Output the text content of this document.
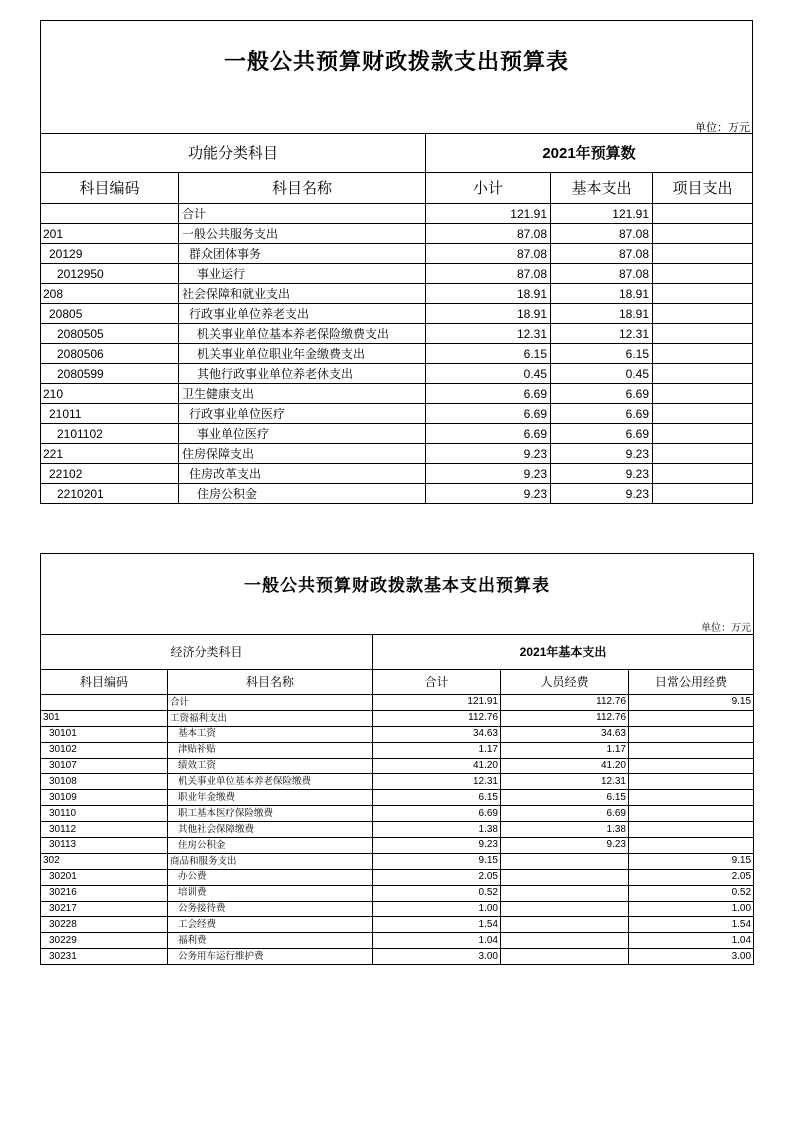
一般公共预算财政拨款支出预算表				

单位：万元				
功能分类科目		2021年预算数		
科目编码	科目名称	小计	基本支出	项目支出
	合计	121.91	121.91	
201	一般公共服务支出	87.08	87.08	
20129	群众团体事务	87.08	87.08	
2012950	事业运行	87.08	87.08	
208	社会保障和就业支出	18.91	18.91	
20805	行政事业单位养老支出	18.91	18.91	
2080505	机关事业单位基本养老保险缴费支出	12.31	12.31	
2080506	机关事业单位职业年金缴费支出	6.15	6.15	
2080599	其他行政事业单位养老休支出	0.45	0.45	
210	卫生健康支出	6.69	6.69	
21011	行政事业单位医疗	6.69	6.69	
2101102	事业单位医疗	6.69	6.69	
221	住房保障支出	9.23	9.23	
22102	住房改革支出	9.23	9.23	
2210201	住房公积金	9.23	9.23	
一般公共预算财政拨款基本支出预算表				

单位：万元				
经济分类科目		2021年基本支出		
科目编码	科目名称	合计	人员经费	日常公用经费
	合计	121.91	112.76	9.15
301	工资福利支出	112.76	112.76	
30101	基本工资	34.63	34.63	
30102	津贴补贴	1.17	1.17	
30107	绩效工资	41.20	41.20	
30108	机关事业单位基本养老保险缴费	12.31	12.31	
30109	职业年金缴费	6.15	6.15	
30110	职工基本医疗保险缴费	6.69	6.69	
30112	其他社会保障缴费	1.38	1.38	
30113	住房公积金	9.23	9.23	
302	商品和服务支出	9.15		9.15
30201	办公费	2.05		2.05
30216	培训费	0.52		0.52
30217	公务接待费	1.00		1.00
30228	工会经费	1.54		1.54
30229	福利费	1.04		1.04
30231	公务用车运行维护费	3.00		3.00
